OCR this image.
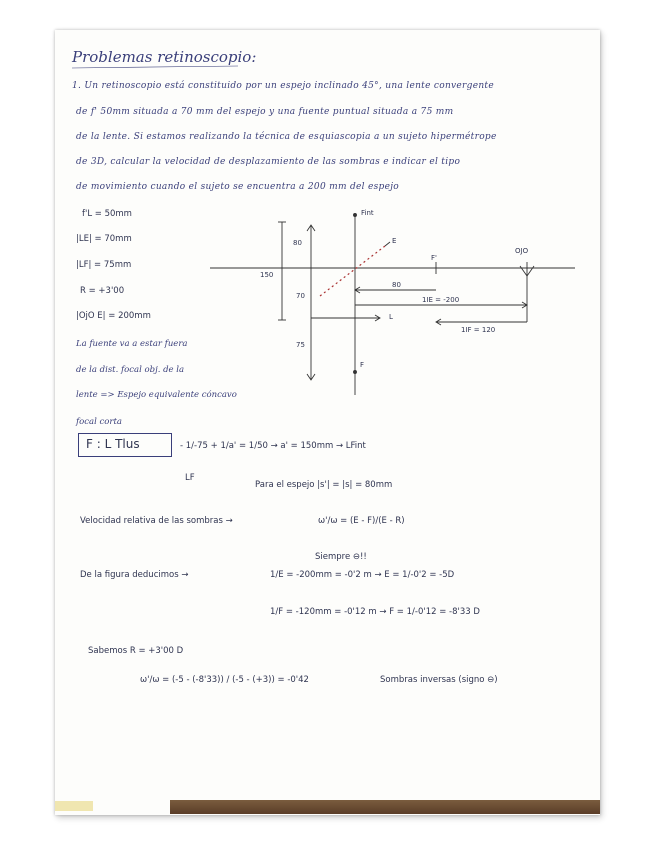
Problemas retinoscopio:
1. Un retinoscopio está constituido por un espejo inclinado 45°, una lente convergente
de f' 50mm situada a 70 mm del espejo y una fuente puntual situada a 75 mm
de la lente. Si estamos realizando la técnica de esquiascopia a un sujeto hipermétrope
de 3D, calcular la velocidad de desplazamiento de las sombras e indicar el tipo
de movimiento cuando el sujeto se encuentra a 200 mm del espejo
f'L = 50mm
|LE| = 70mm
|LF| = 75mm
R = +3'00
|OjO E| = 200mm
La fuente va a estar fuera
de la dist. focal obj. de la
lente => Espejo equivalente cóncavo
focal corta
Fint
E
F'
F
L
OJO
150
80
70
75
80
1IE = -200
1IF = 120
F : L Tlus	- 1/-75 + 1/a' = 1/50 → a' = 150mm → LFint
LF
Para el espejo |s'| = |s| = 80mm
Velocidad relativa de las sombras →	ω'/ω = (E - F)/(E - R)
Siempre ⊖!!
De la figura deducimos →	1/E = -200mm = -0'2 m → E = 1/-0'2 = -5D
1/F = -120mm = -0'12 m → F = 1/-0'12 = -8'33 D
Sabemos R = +3'00 D
ω'/ω = (-5 - (-8'33)) / (-5 - (+3)) = -0'42	Sombras inversas (signo ⊖)
